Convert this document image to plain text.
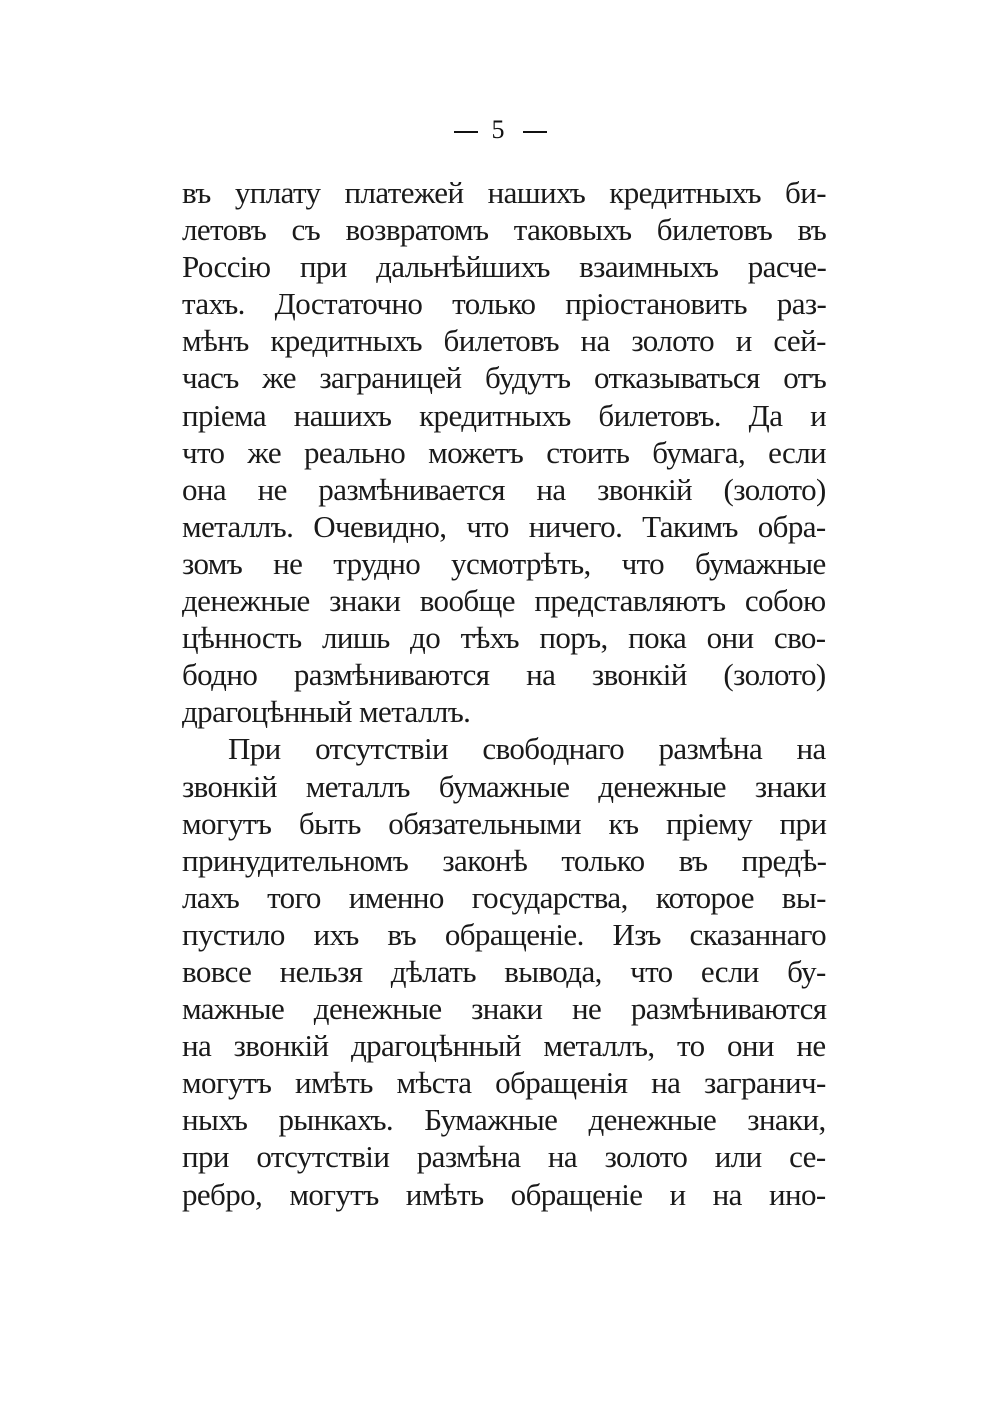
5
въ уплату платежей нашихъ кредитныхъ би-
летовъ съ возвратомъ таковыхъ билетовъ въ
Россію при дальнѣйшихъ взаимныхъ расче-
тахъ. Достаточно только пріостановить раз-
мѣнъ кредитныхъ билетовъ на золото и сей-
часъ же заграницей будутъ отказываться отъ
пріема нашихъ кредитныхъ билетовъ. Да и
что же реально можетъ стоить бумага, если
она не размѣнивается на звонкій (золото)
металлъ. Очевидно, что ничего. Такимъ обра-
зомъ не трудно усмотрѣть, что бумажные
денежные знаки вообще представляютъ собою
цѣнность лишь до тѣхъ поръ, пока они сво-
бодно размѣниваются на звонкій (золото)
драгоцѣнный металлъ.
При отсутствіи свободнаго размѣна на
звонкій металлъ бумажные денежные знаки
могутъ быть обязательными къ пріему при
принудительномъ законѣ только въ предѣ-
лахъ того именно государства, которое вы-
пустило ихъ въ обращеніе. Изъ сказаннаго
вовсе нельзя дѣлать вывода, что если бу-
мажные денежные знаки не размѣниваются
на звонкій драгоцѣнный металлъ, то они не
могутъ имѣть мѣста обращенія на загранич-
ныхъ рынкахъ. Бумажные денежные знаки,
при отсутствіи размѣна на золото или се-
ребро, могутъ имѣть обращеніе и на ино-
